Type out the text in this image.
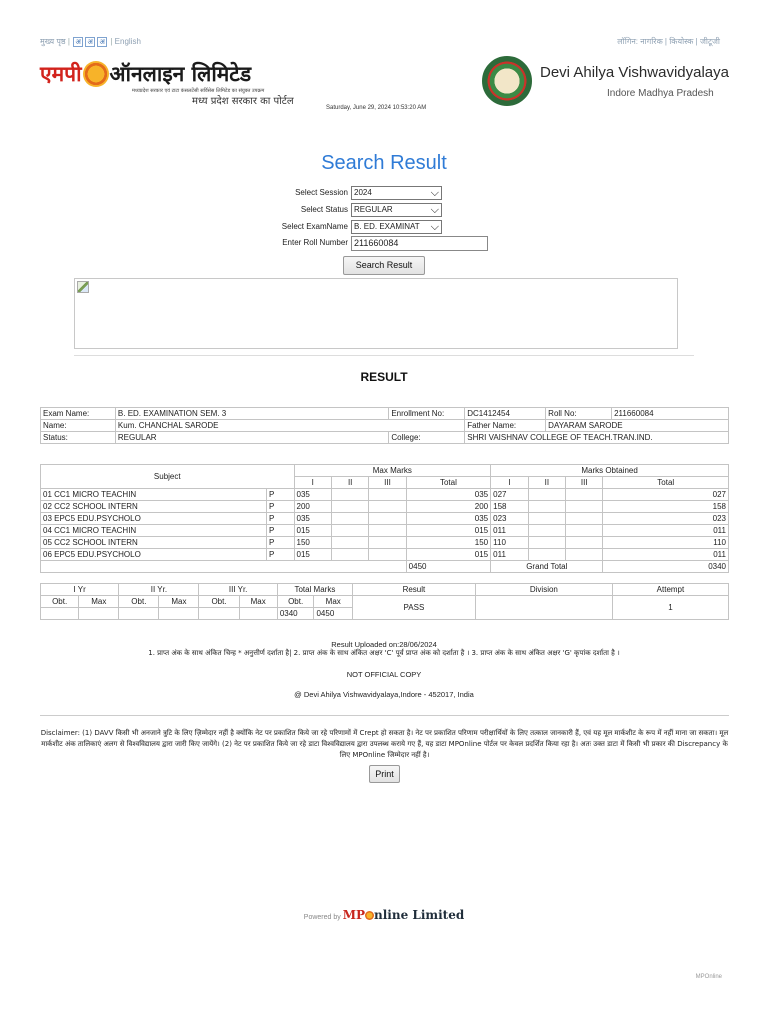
मुख्य पृष्ठ | अ अ अ | English	लॉगिन: नागरिक | कियोस्क | जीटूजी
एमपी ऑनलाइन लिमिटेड
मध्यप्रदेश सरकार एवं टाटा कंसलटेंसी सर्विसेस लिमिटेड का संयुक्त उपक्रम
मध्य प्रदेश सरकार का पोर्टल
Devi Ahilya Vishwavidyalaya
Indore Madhya Pradesh
Saturday, June 29, 2024 10:53:20 AM
Search Result
Select Session 2024	⌵
Select Status REGULAR	⌵
Select ExamName B. ED. EXAMINAT ⌵
Enter Roll Number 211660084
Search Result
RESULT
Exam Name:	B. ED. EXAMINATION SEM. 3	Enrollment No:	DC1412454	Roll No:	211660084
Name:	Kum. CHANCHAL SARODE		Father Name:	DAYARAM SARODE	
Status:	REGULAR	College:	SHRI VAISHNAV COLLEGE OF TEACH.TRAN.IND.		
Subject		Max Marks				Marks Obtained			
		I	II	III	Total	I	II	III	Total
01 CC1 MICRO TEACHIN	P	035			035	027			027
02 CC2 SCHOOL INTERN	P	200			200	158			158
03 EPC5 EDU.PSYCHOLO	P	035			035	023			023
04 CC1 MICRO TEACHIN	P	015			015	011			011
05 CC2 SCHOOL INTERN	P	150			150	110			110
06 EPC5 EDU.PSYCHOLO	P	015			015	011			011
					0450	Grand Total			0340
I Yr		II Yr.		III Yr.		Total Marks		Result	Division	Attempt
Obt.	Max	Obt.	Max	Obt.	Max	Obt.	Max	PASS		1
						0340	0450			
Result Uploaded on:28/06/2024
1. प्राप्त अंक के साथ अंकित चिन्ह * अनुत्तीर्ण दर्शाता है| 2. प्राप्त अंक के साथ अंकित अक्षर 'C' पूर्व प्राप्त अंक को दर्शाता है । 3. प्राप्त अंक के साथ अंकित अक्षर 'G' कृपांक दर्शाता है ।
NOT OFFICIAL COPY
@ Devi Ahilya Vishwavidyalaya,Indore - 452017, India
Disclaimer: (1) DAVV किसी भी अनजाने त्रुटि के लिए ज़िम्मेदार नहीं है क्योंकि नेट पर प्रकाशित किये जा रहे परिणामों में Crept हो सकता है। नेट पर प्रकाशित परिणाम परीक्षार्थियों के लिए तत्काल जानकारी हैं, एवं यह मूल मार्कशीट के रूप में नहीं माना जा सकता। मूल मार्कशीट अंक तालिकाएं अलग से विश्वविद्यालय द्वारा जारी किए जायेंगे। (2) नेट पर प्रकाशित किये जा रहे डाटा विश्वविद्यालय द्वारा उपलब्ध कराये गए हैं, यह डाटा MPOnline पोर्टल पर केवल प्रदर्शित किया रहा है। अतः उक्त डाटा में किसी भी प्रकार की Discrepancy के लिए MPOnline जिम्मेदार नहीं है।
Print
Powered by MP nline Limited
MPOnline
